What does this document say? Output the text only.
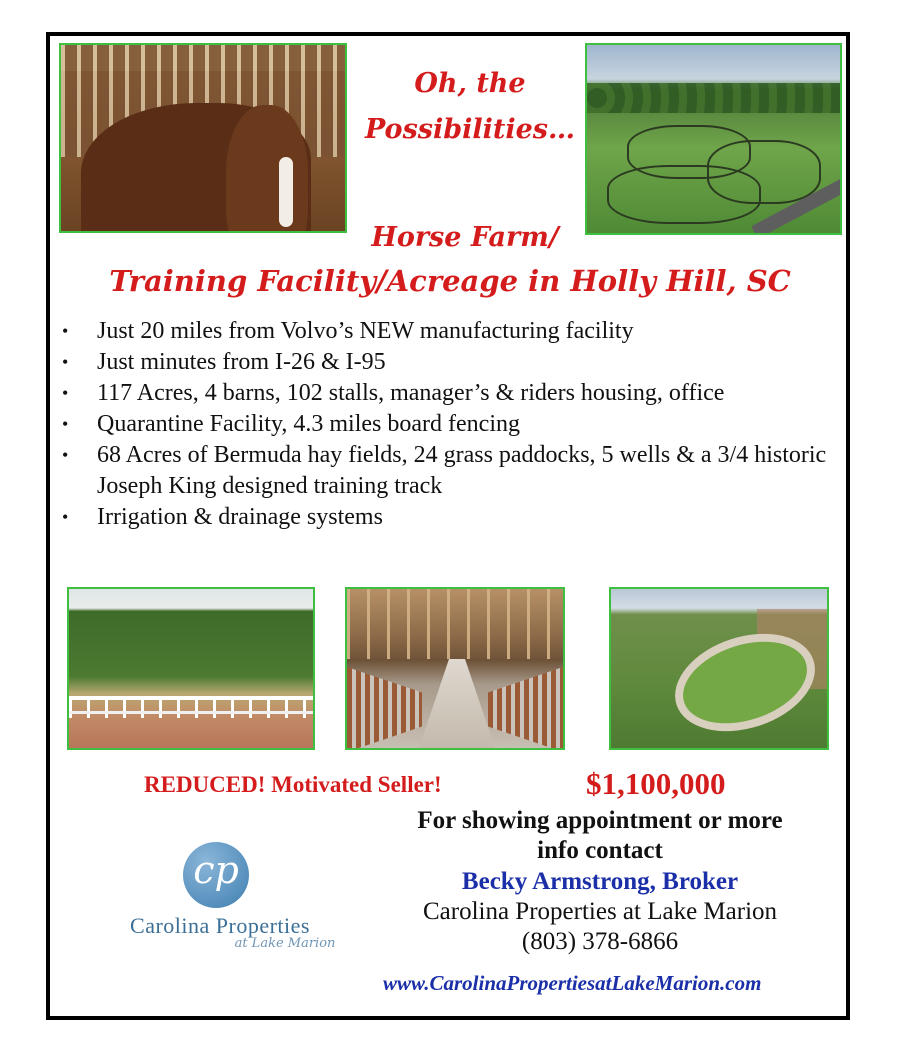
Oh, the
Possibilities…
Horse Farm/
Training Facility/Acreage in Holly Hill, SC
• Just 20 miles from Volvo’s NEW manufacturing facility
• Just minutes from I-26 & I-95
• 117 Acres, 4 barns, 102 stalls, manager’s & riders housing, office
• Quarantine Facility, 4.3 miles board fencing
• 68 Acres of Bermuda hay fields, 24 grass paddocks, 5 wells & a 3/4 historic Joseph King designed training track
• Irrigation & drainage systems
REDUCED! Motivated Seller!	$1,100,000
For showing appointment or more
info contact
Becky Armstrong, Broker
Carolina Properties at Lake Marion
(803) 378-6866
www.CarolinaPropertiesatLakeMarion.com
cp
Carolina Properties
at Lake Marion
